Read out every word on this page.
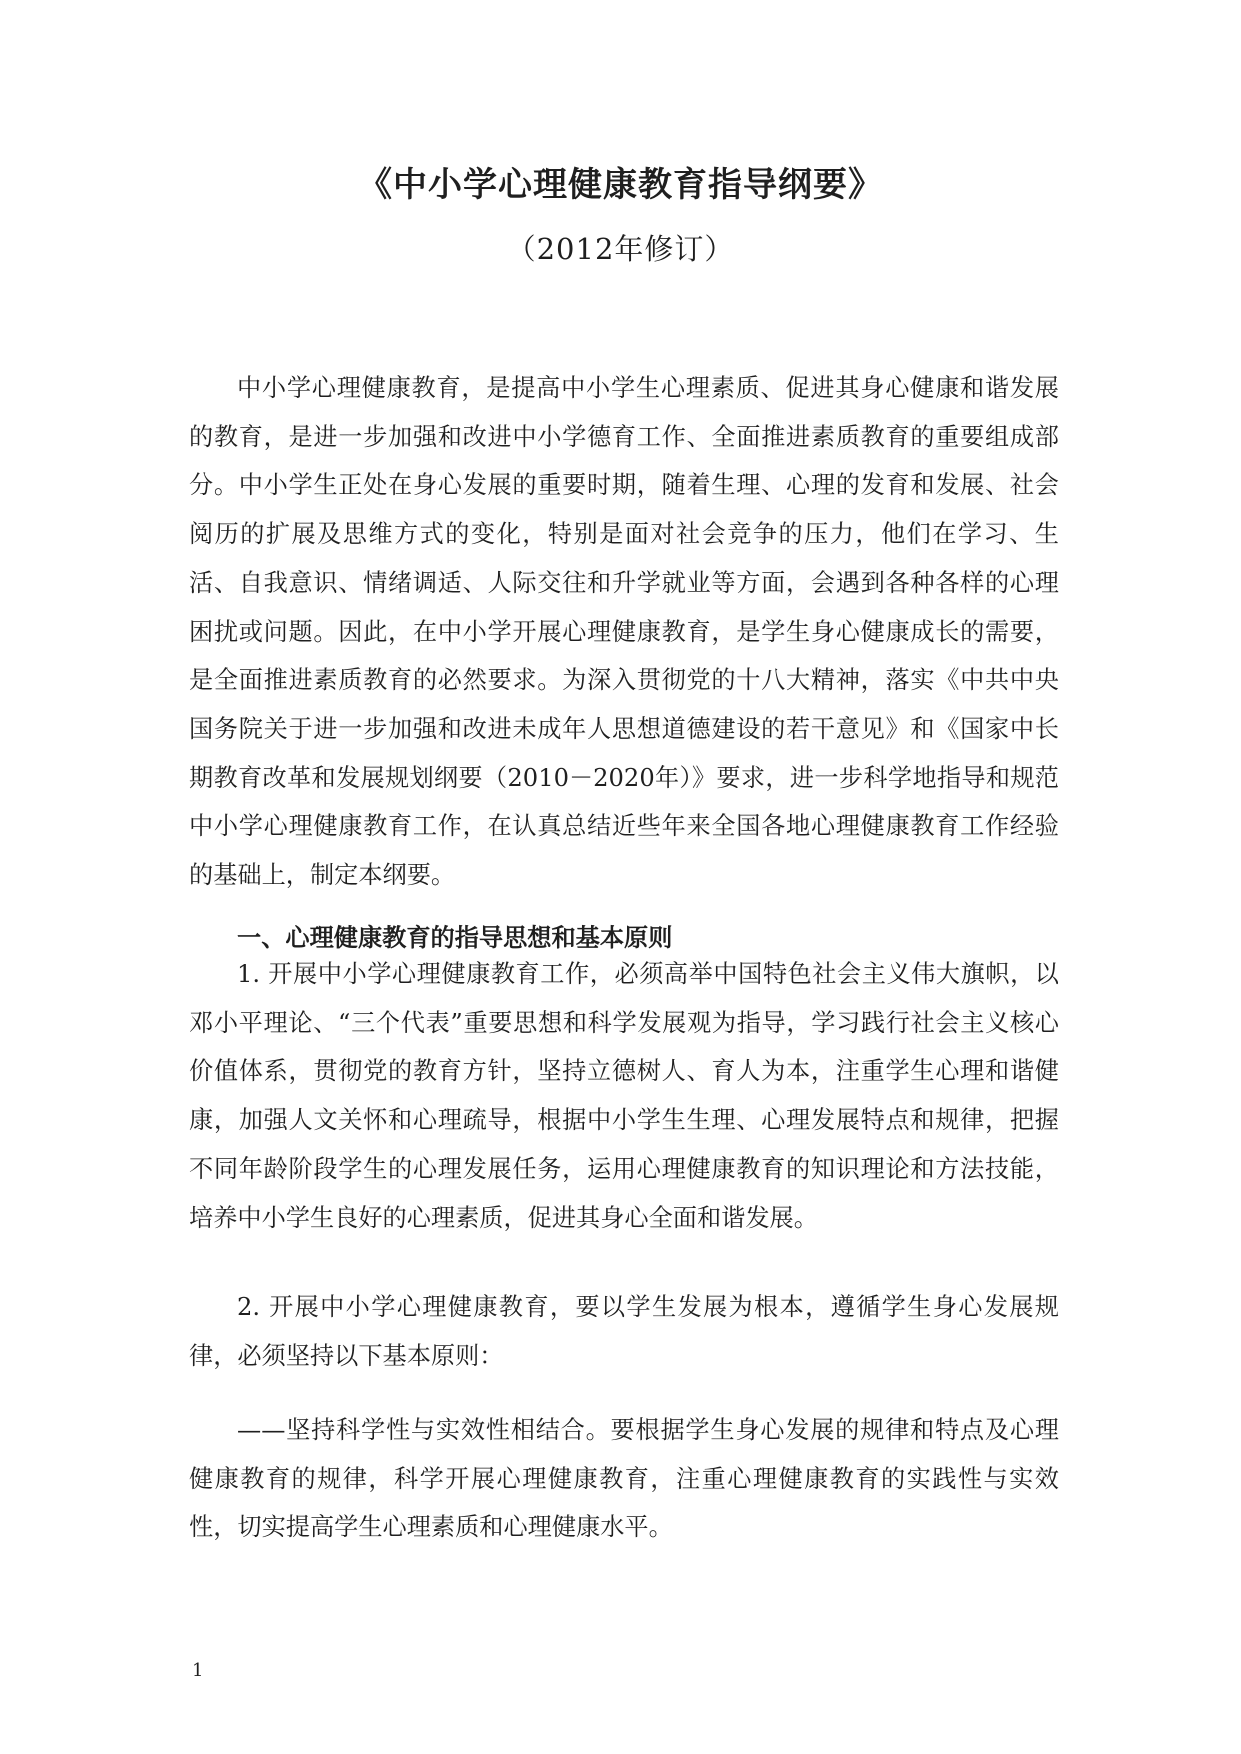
《中小学心理健康教育指导纲要》
（2012年修订）

中小学心理健康教育，是提高中小学生心理素质、促进其身心健康和谐发展的教育，是进一步加强和改进中小学德育工作、全面推进素质教育的重要组成部分。中小学生正处在身心发展的重要时期，随着生理、心理的发育和发展、社会阅历的扩展及思维方式的变化，特别是面对社会竞争的压力，他们在学习、生活、自我意识、情绪调适、人际交往和升学就业等方面，会遇到各种各样的心理困扰或问题。因此，在中小学开展心理健康教育，是学生身心健康成长的需要，是全面推进素质教育的必然要求。为深入贯彻党的十八大精神，落实《中共中央国务院关于进一步加强和改进未成年人思想道德建设的若干意见》和《国家中长期教育改革和发展规划纲要（2010－2020年）》要求，进一步科学地指导和规范中小学心理健康教育工作，在认真总结近些年来全国各地心理健康教育工作经验的基础上，制定本纲要。

一、心理健康教育的指导思想和基本原则

1. 开展中小学心理健康教育工作，必须高举中国特色社会主义伟大旗帜，以邓小平理论、“三个代表”重要思想和科学发展观为指导，学习践行社会主义核心价值体系，贯彻党的教育方针，坚持立德树人、育人为本，注重学生心理和谐健康，加强人文关怀和心理疏导，根据中小学生生理、心理发展特点和规律，把握不同年龄阶段学生的心理发展任务，运用心理健康教育的知识理论和方法技能，培养中小学生良好的心理素质，促进其身心全面和谐发展。

2. 开展中小学心理健康教育，要以学生发展为根本，遵循学生身心发展规律，必须坚持以下基本原则：

——坚持科学性与实效性相结合。要根据学生身心发展的规律和特点及心理健康教育的规律，科学开展心理健康教育，注重心理健康教育的实践性与实效性，切实提高学生心理素质和心理健康水平。

1
